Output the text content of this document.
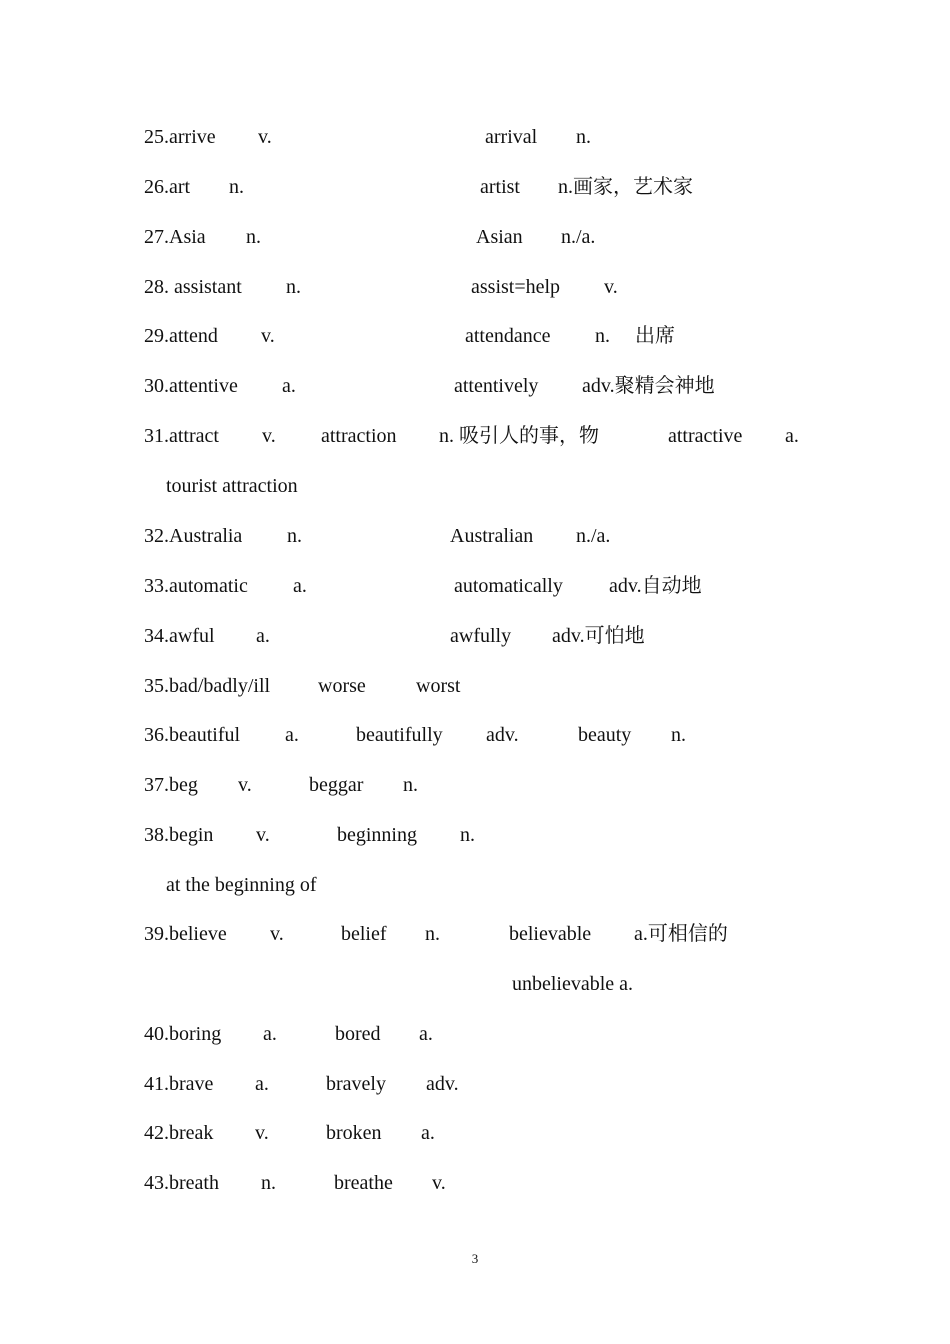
25.arrive v.	arrival n.
26.art n.	artist n.画家，艺术家
27.Asia n.	Asian n./a.
28. assistant n.	assist=help v.
29.attend v.	attendance n. 出席
30.attentive a.	attentively adv.聚精会神地
31.attract v. attraction n. 吸引人的事，物	attractive a.
tourist attraction
32.Australia n.	Australian n./a.
33.automatic a.	automatically adv.自动地
34.awful a.	awfully adv.可怕地
35.bad/badly/ill worse	worst
36.beautiful a.	beautifully adv.	beauty n.
37.beg v.	beggar n.
38.begin v.	beginning n.
at the beginning of
39.believe v.	belief n.	believable a.可相信的
unbelievable a.
40.boring a.	bored a.
41.brave a.	bravely adv.
42.break v.	broken a.
43.breath n.	breathe v.
3
